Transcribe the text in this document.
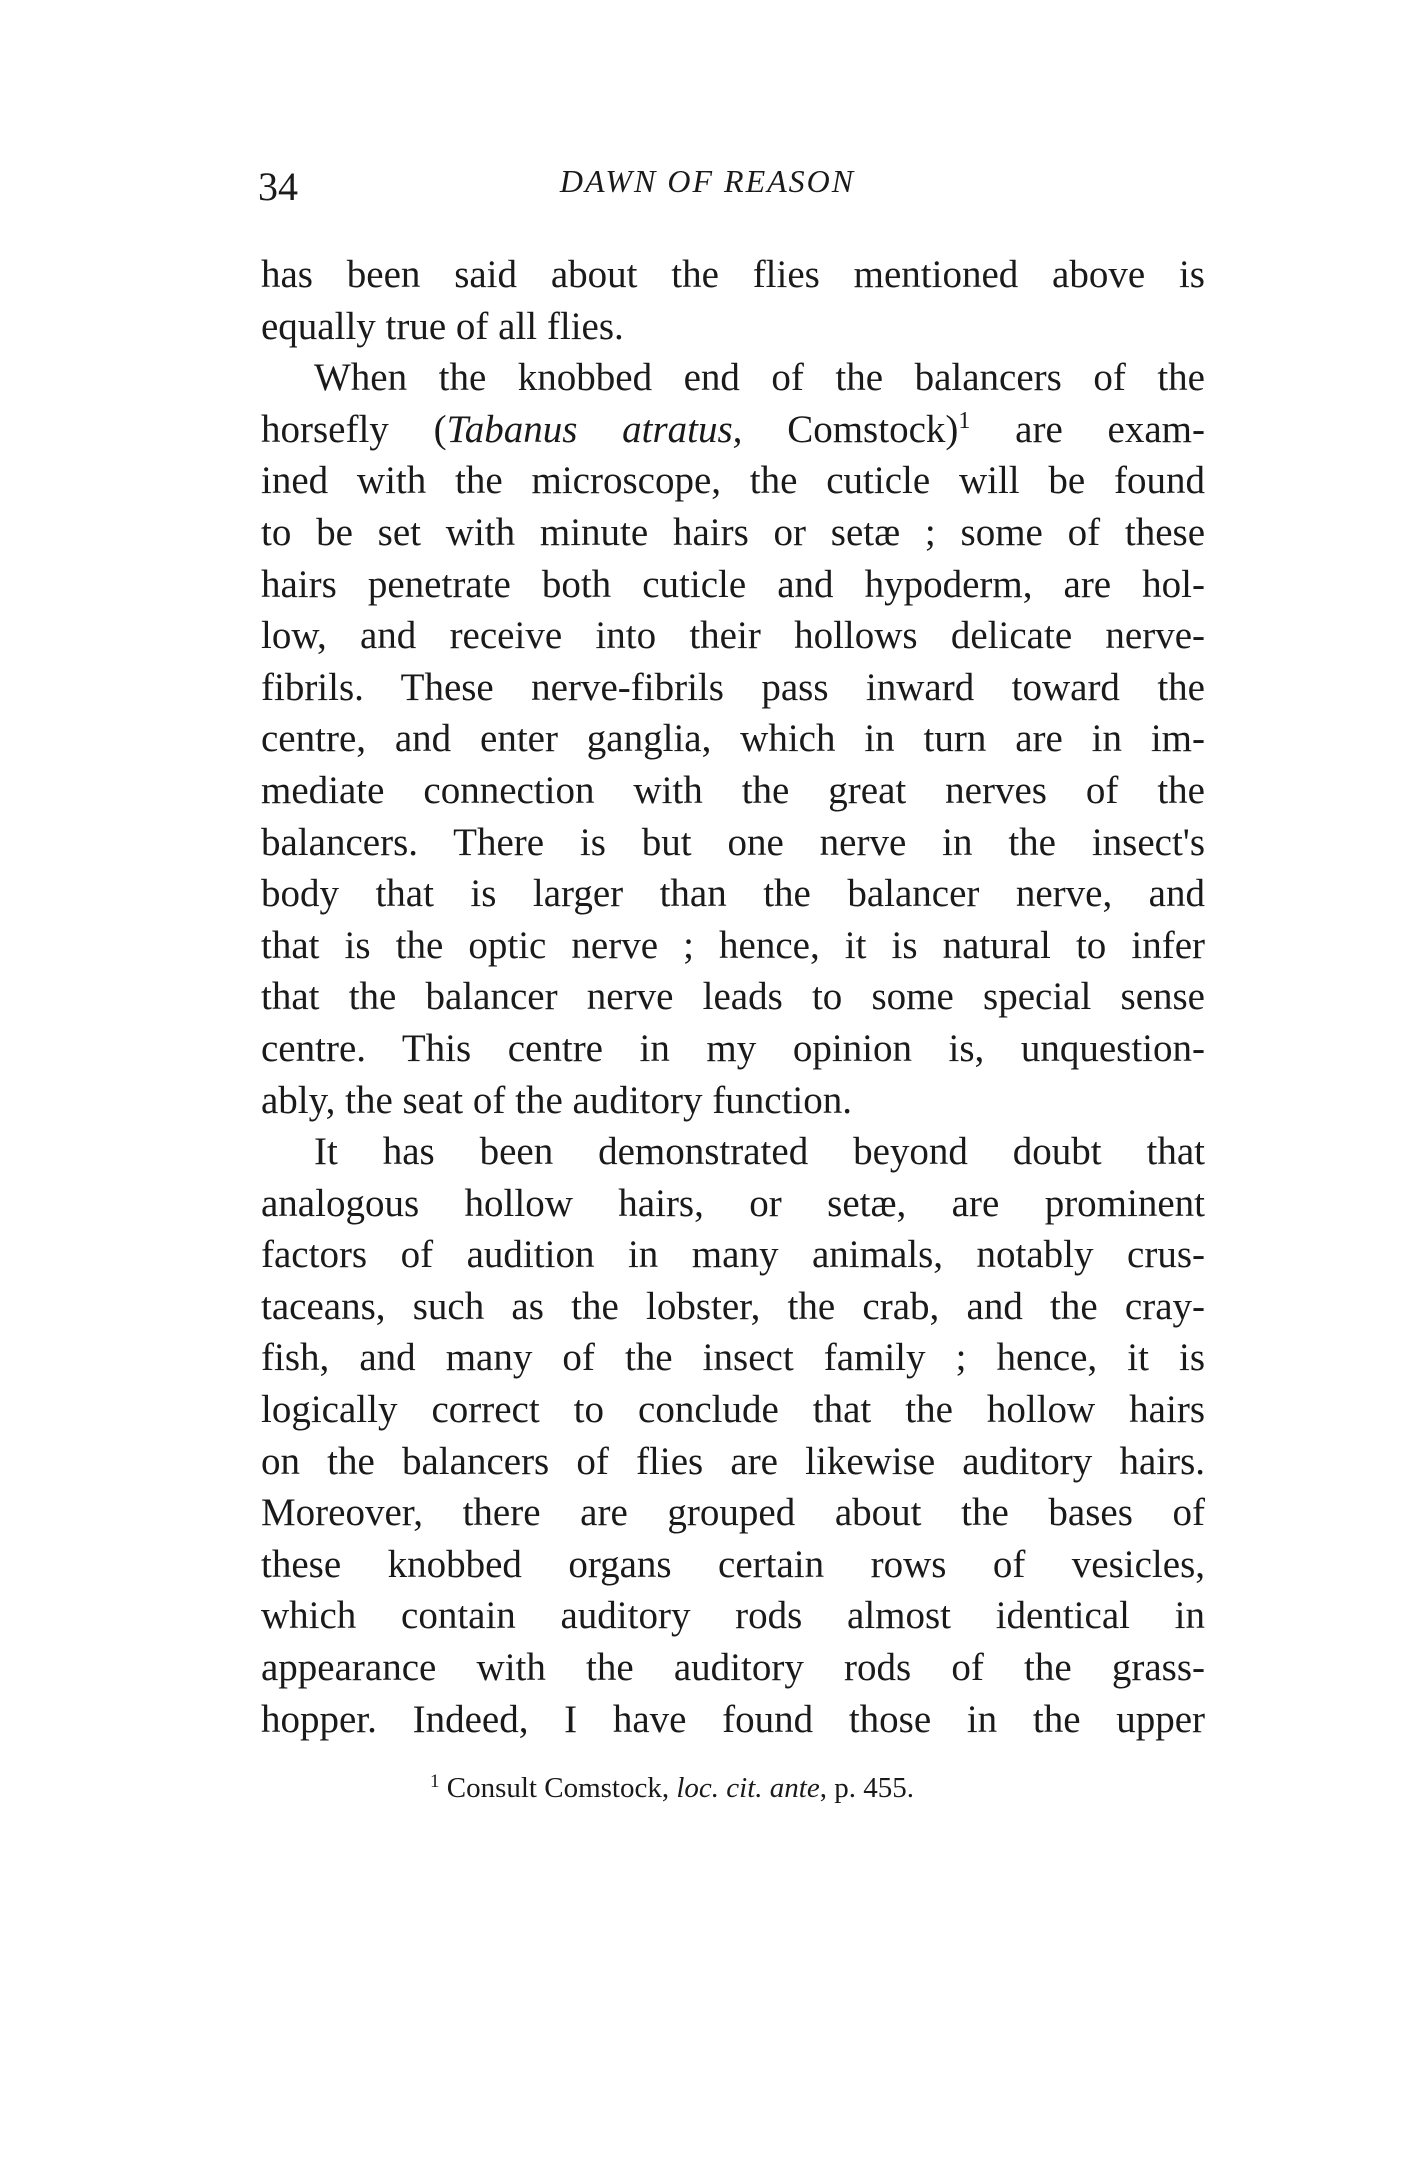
34	DAWN OF REASON
has been said about the flies mentioned above is
equally true of all flies.
When the knobbed end of the balancers of the
horsefly (Tabanus atratus, Comstock)$^1$ are exam-
ined with the microscope, the cuticle will be found
to be set with minute hairs or setæ ; some of these
hairs penetrate both cuticle and hypoderm, are hol-
low, and receive into their hollows delicate nerve-
fibrils. These nerve-fibrils pass inward toward the
centre, and enter ganglia, which in turn are in im-
mediate connection with the great nerves of the
balancers. There is but one nerve in the insect's
body that is larger than the balancer nerve, and
that is the optic nerve ; hence, it is natural to infer
that the balancer nerve leads to some special sense
centre. This centre in my opinion is, unquestion-
ably, the seat of the auditory function.
It has been demonstrated beyond doubt that
analogous hollow hairs, or setæ, are prominent
factors of audition in many animals, notably crus-
taceans, such as the lobster, the crab, and the cray-
fish, and many of the insect family ; hence, it is
logically correct to conclude that the hollow hairs
on the balancers of flies are likewise auditory hairs.
Moreover, there are grouped about the bases of
these knobbed organs certain rows of vesicles,
which contain auditory rods almost identical in
appearance with the auditory rods of the grass-
hopper. Indeed, I have found those in the upper
$^1$ Consult Comstock, loc. cit. ante, p. 455.
